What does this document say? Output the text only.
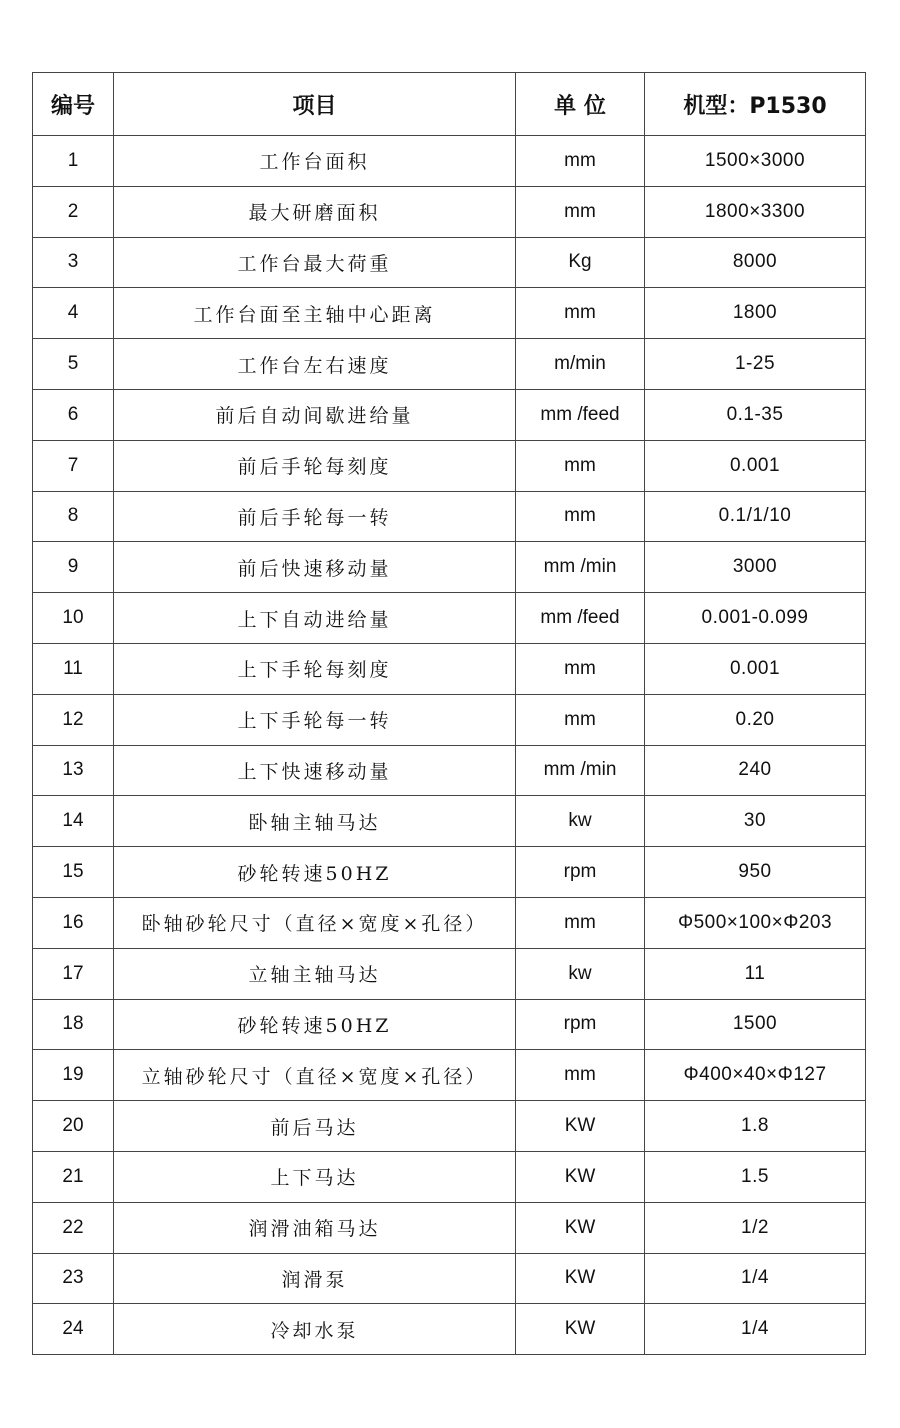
编号	项目	单 位	机型：P1530
1	工作台面积	mm	1500×3000
2	最大研磨面积	mm	1800×3300
3	工作台最大荷重	Kg	8000
4	工作台面至主轴中心距离	mm	1800
5	工作台左右速度	m/min	1-25
6	前后自动间歇进给量	mm /feed	0.1-35
7	前后手轮每刻度	mm	0.001
8	前后手轮每一转	mm	0.1/1/10
9	前后快速移动量	mm /min	3000
10	上下自动进给量	mm /feed	0.001-0.099
11	上下手轮每刻度	mm	0.001
12	上下手轮每一转	mm	0.20
13	上下快速移动量	mm /min	240
14	卧轴主轴马达	kw	30
15	砂轮转速50HZ	rpm	950
16	卧轴砂轮尺寸（直径×宽度×孔径）	mm	Φ500×100×Φ203
17	立轴主轴马达	kw	11
18	砂轮转速50HZ	rpm	1500
19	立轴砂轮尺寸（直径×宽度×孔径）	mm	Φ400×40×Φ127
20	前后马达	KW	1.8
21	上下马达	KW	1.5
22	润滑油箱马达	KW	1/2
23	润滑泵	KW	1/4
24	冷却水泵	KW	1/4
